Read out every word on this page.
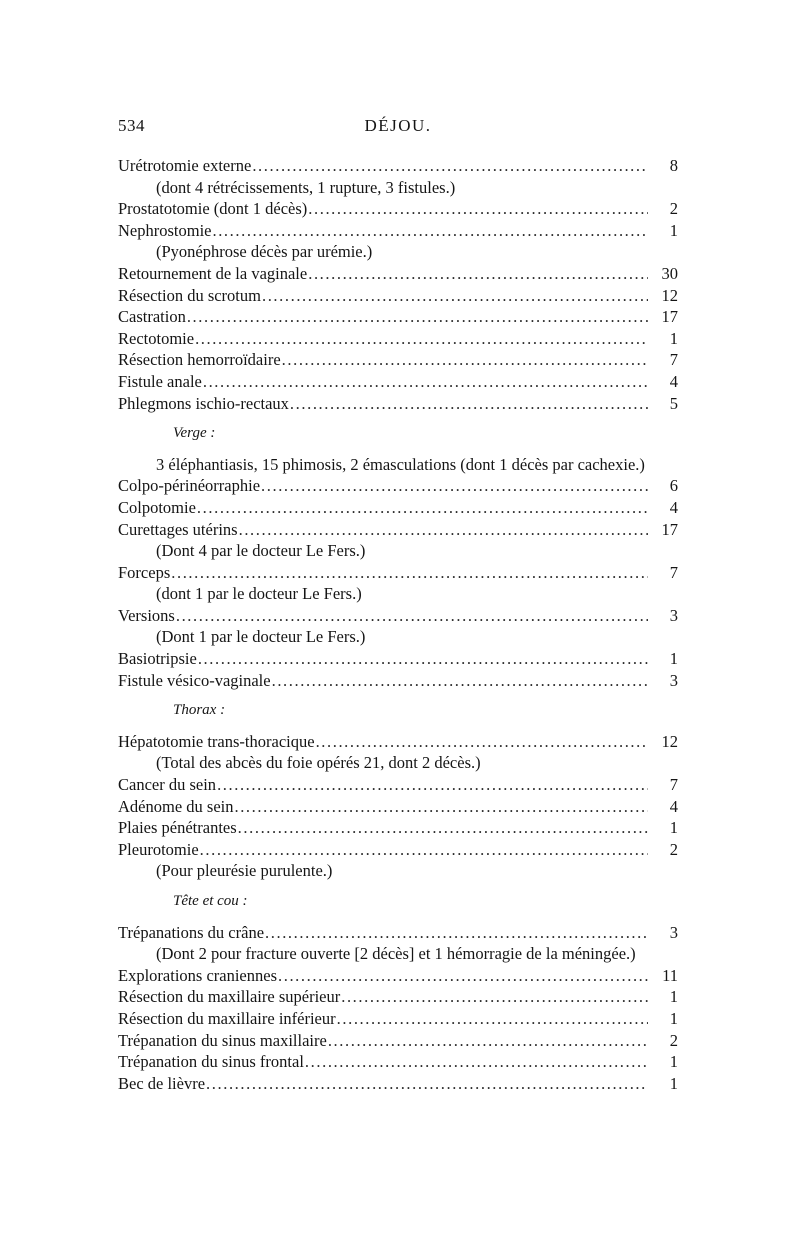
534	DÉJOU.
Urétrotomie externe .....	8
(dont 4 rétrécissements, 1 rupture, 3 fistules.)
Prostatotomie (dont 1 décès) .....	2
Nephrostomie .....	1
(Pyonéphrose décès par urémie.)
Retournement de la vaginale .....	30
Résection du scrotum .....	12
Castration .....	17
Rectotomie .....	1
Résection hemorroïdaire .....	7
Fistule anale .....	4
Phlegmons ischio-rectaux .....	5
Verge :
3 éléphantiasis, 15 phimosis, 2 émasculations (dont 1 décès par cachexie.)
Colpo-périnéorraphie .....	6
Colpotomie .....	4
Curettages utérins .....	17
(Dont 4 par le docteur Le Fers.)
Forceps .....	7
(dont 1 par le docteur Le Fers.)
Versions .....	3
(Dont 1 par le docteur Le Fers.)
Basiotripsie .....	1
Fistule vésico-vaginale .....	3
Thorax :
Hépatotomie trans-thoracique .....	12
(Total des abcès du foie opérés 21, dont 2 décès.)
Cancer du sein .....	7
Adénome du sein .....	4
Plaies pénétrantes .....	1
Pleurotomie .....	2
(Pour pleurésie purulente.)
Tête et cou :
Trépanations du crâne .....	3
(Dont 2 pour fracture ouverte [2 décès] et 1 hémorragie de la méningée.)
Explorations craniennes .....	11
Résection du maxillaire supérieur .....	1
Résection du maxillaire inférieur .....	1
Trépanation du sinus maxillaire .....	2
Trépanation du sinus frontal .....	1
Bec de lièvre .....	1
